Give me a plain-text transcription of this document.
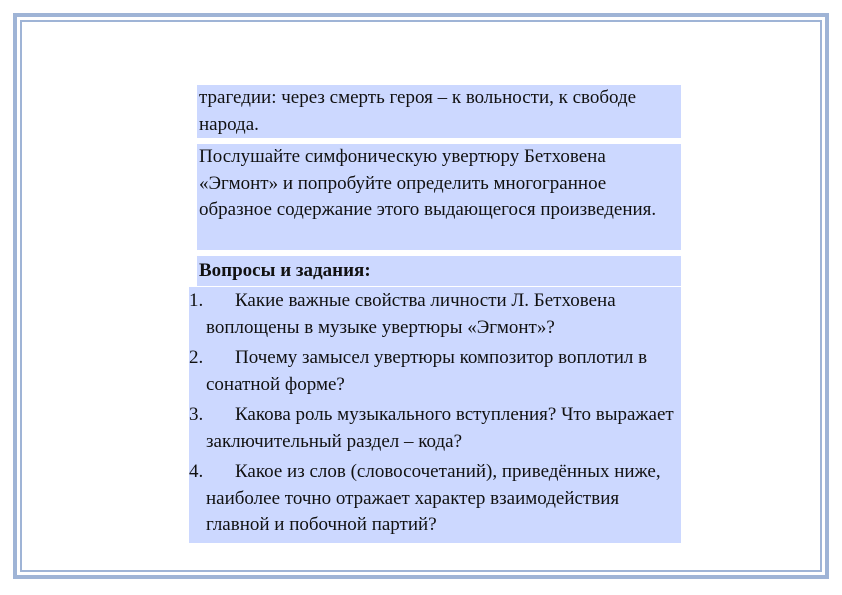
трагедии: через смерть героя – к вольности, к свободе народа.
Послушайте симфоническую увертюру Бетховена «Эгмонт» и попробуйте определить многогранное образное содержание этого выдающегося произведения.
Вопросы и задания:
1.	Какие важные свойства личности Л. Бетховена воплощены в музыке увертюры «Эгмонт»?
2.	Почему замысел увертюры композитор воплотил в сонатной форме?
3.	Какова роль музыкального вступления? Что выражает заключительный раздел – кода?
4.	Какое из слов (словосочетаний), приведённых ниже, наиболее точно отражает характер взаимодействия главной и побочной партий?
